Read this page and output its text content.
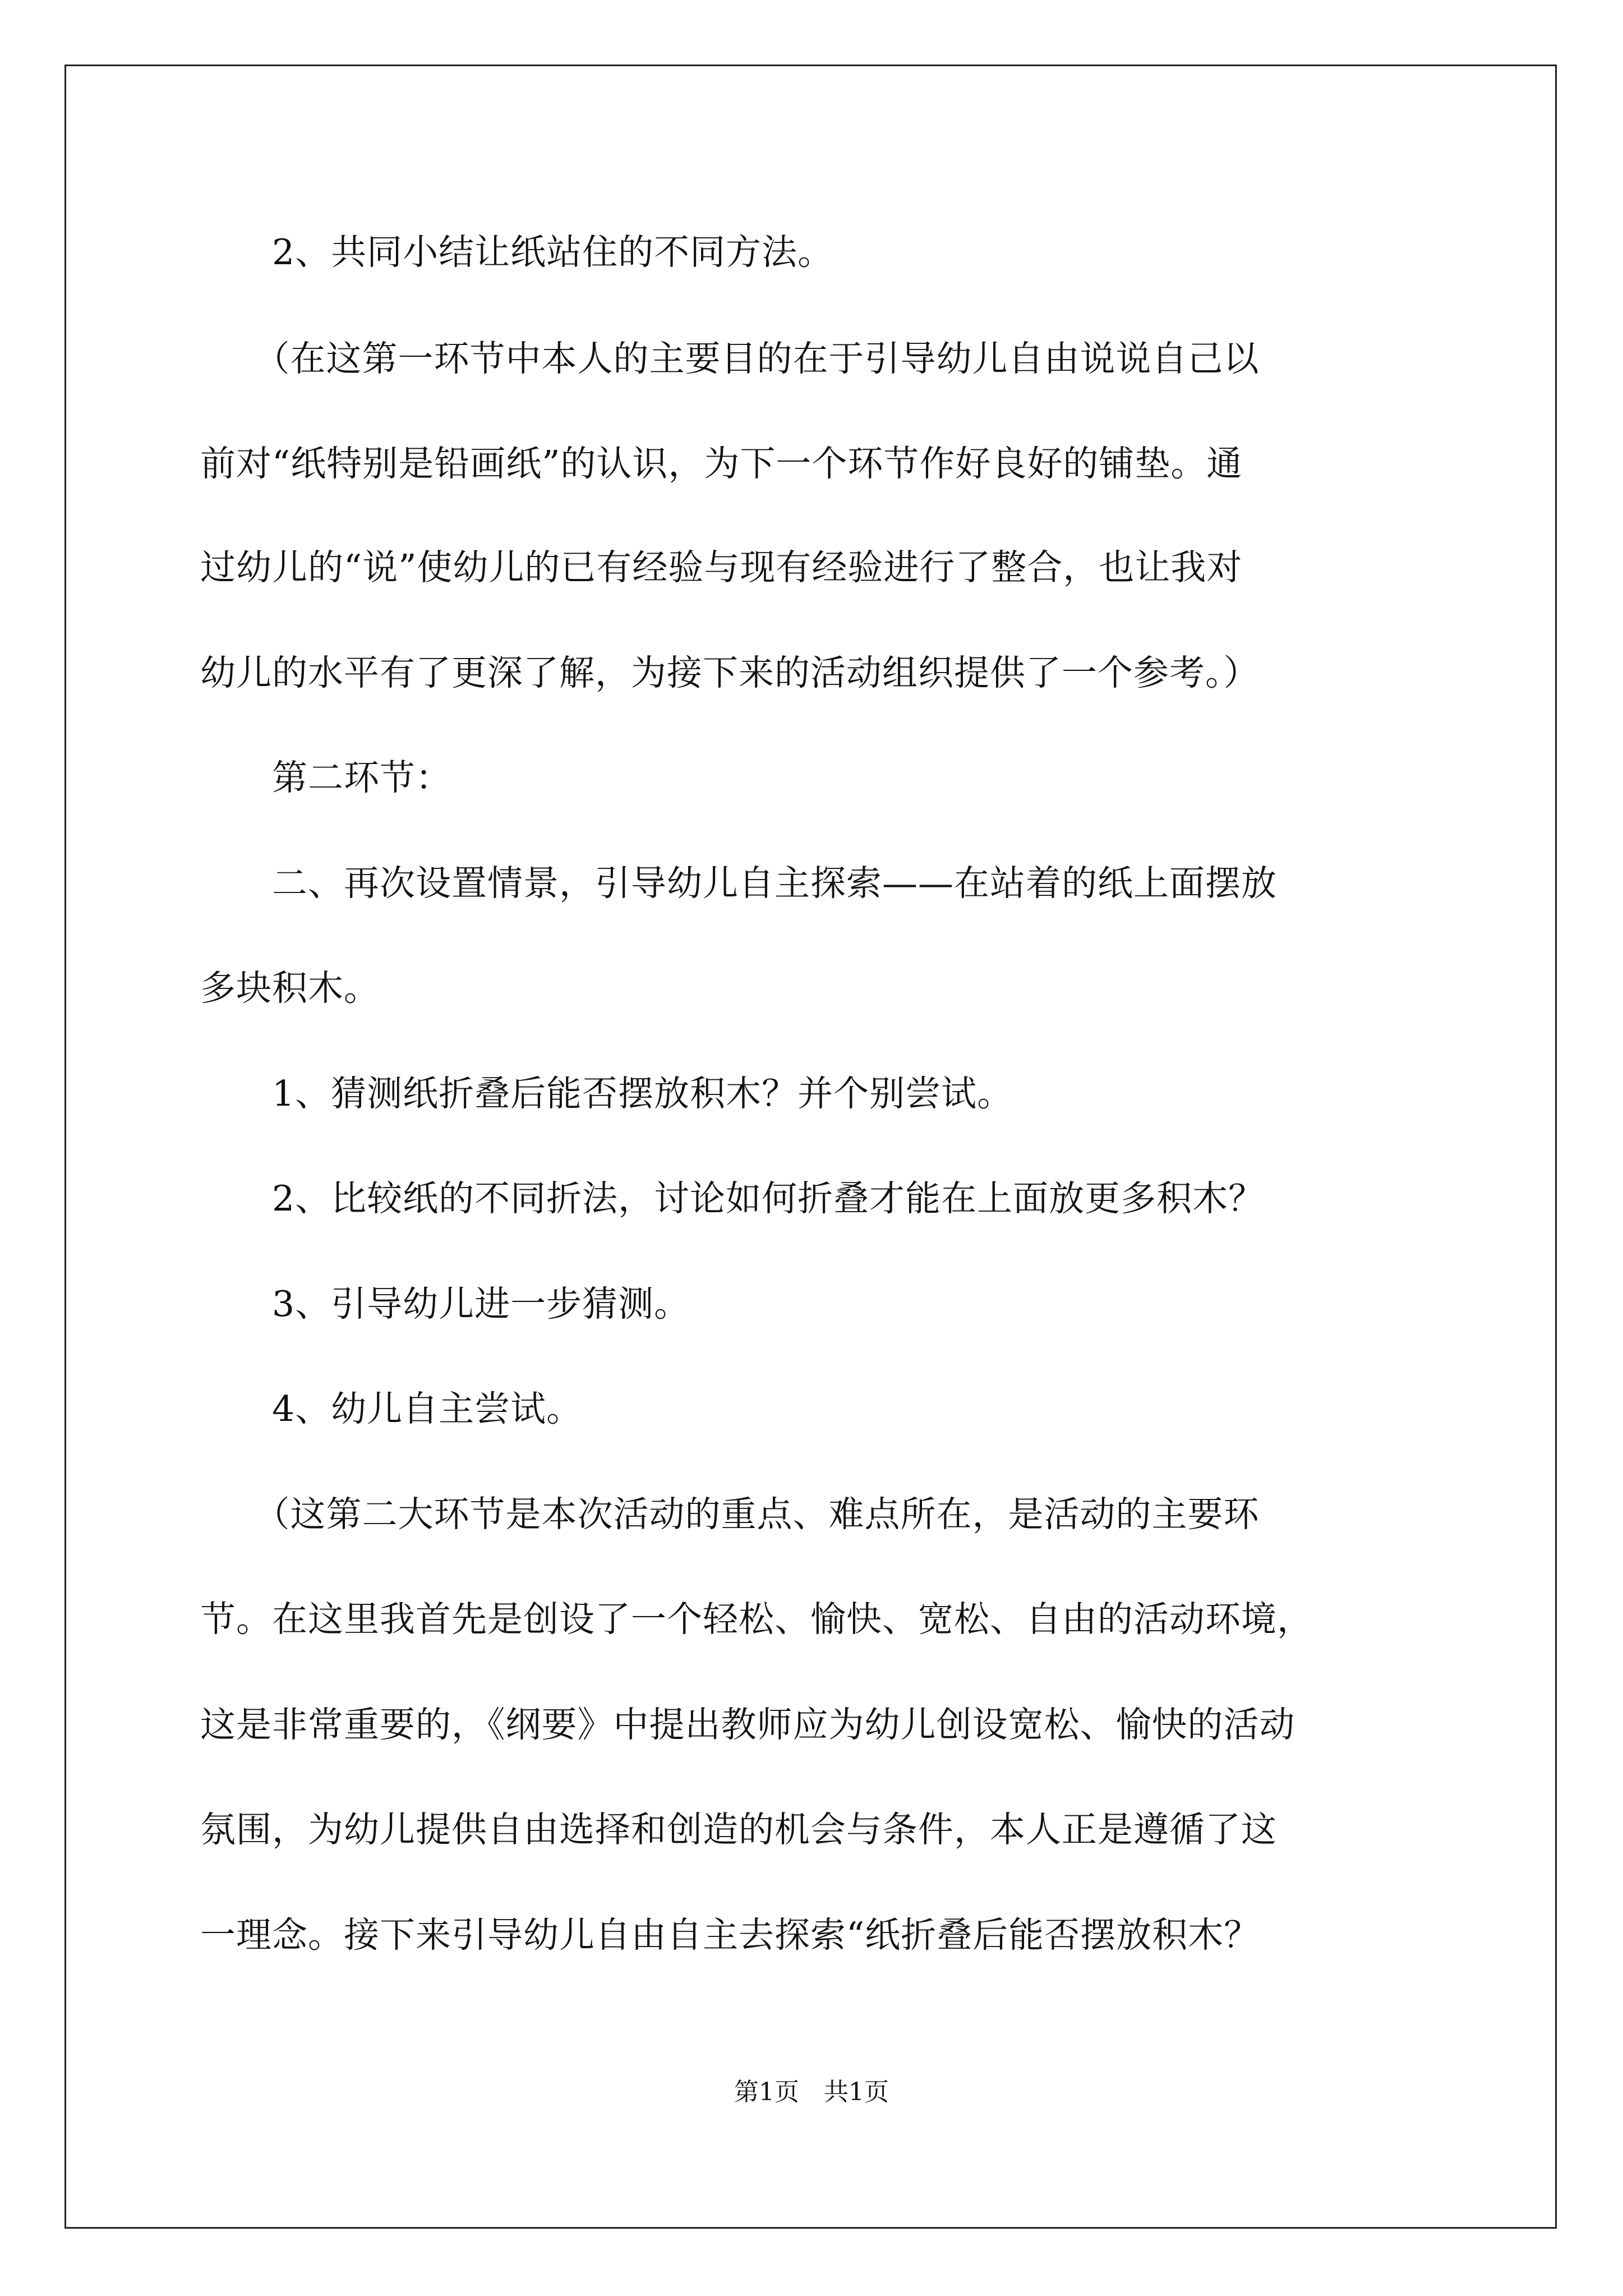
　　2、共同小结让纸站住的不同方法。

　　（在这第一环节中本人的主要目的在于引导幼儿自由说说自己以

前对“纸特别是铅画纸”的认识，为下一个环节作好良好的铺垫。通

过幼儿的“说”使幼儿的已有经验与现有经验进行了整合，也让我对

幼儿的水平有了更深了解，为接下来的活动组织提供了一个参考。）

　　第二环节：

　　二、再次设置情景，引导幼儿自主探索——在站着的纸上面摆放

多块积木。

　　1、猜测纸折叠后能否摆放积木？并个别尝试。

　　2、比较纸的不同折法，讨论如何折叠才能在上面放更多积木？

　　3、引导幼儿进一步猜测。

　　4、幼儿自主尝试。

　　（这第二大环节是本次活动的重点、难点所在，是活动的主要环

节。在这里我首先是创设了一个轻松、愉快、宽松、自由的活动环境，

这是非常重要的，《纲要》中提出教师应为幼儿创设宽松、愉快的活动

氛围，为幼儿提供自由选择和创造的机会与条件，本人正是遵循了这

一理念。接下来引导幼儿自由自主去探索“纸折叠后能否摆放积木？

第1页　共1页
